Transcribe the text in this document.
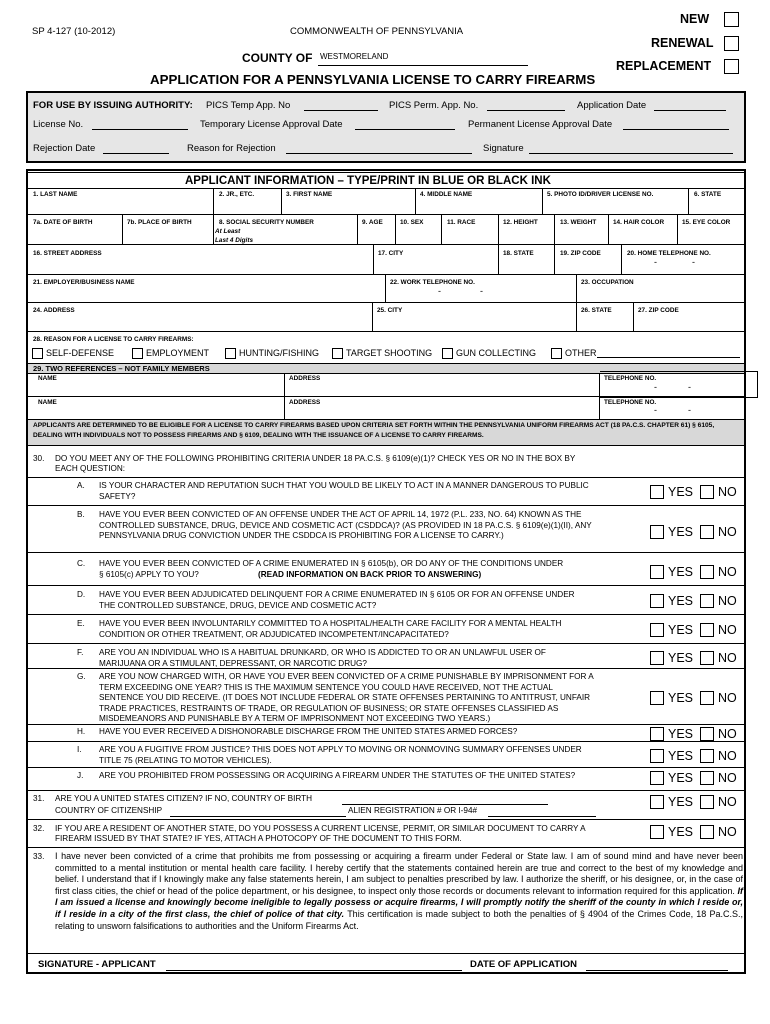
SP 4-127 (10-2012)	COMMONWEALTH OF PENNSYLVANIA
NEW
RENEWAL
REPLACEMENT
COUNTY OF WESTMORELAND
APPLICATION FOR A PENNSYLVANIA LICENSE TO CARRY FIREARMS
FOR USE BY ISSUING AUTHORITY: PICS Temp App. No	PICS Perm. App. No.	Application Date
License No.	Temporary License Approval Date	Permanent License Approval Date
Rejection Date	Reason for Rejection	Signature
APPLICANT INFORMATION – TYPE/PRINT IN BLUE OR BLACK INK
1. LAST NAME	2. JR., ETC.	3. FIRST NAME	4. MIDDLE NAME	5. PHOTO ID/DRIVER LICENSE NO.	6. STATE
7a. DATE OF BIRTH	7b. PLACE OF BIRTH	8. SOCIAL SECURITY NUMBER
At Least
Last 4 Digits
9. AGE	10. SEX	11. RACE	12. HEIGHT	13. WEIGHT	14. HAIR COLOR	15. EYE COLOR
16. STREET ADDRESS	17. CITY	18. STATE	19. ZIP CODE	20. HOME TELEPHONE NO.
-	-
21. EMPLOYER/BUSINESS NAME	22. WORK TELEPHONE NO.
-	-
23. OCCUPATION
24. ADDRESS	25. CITY	26. STATE	27. ZIP CODE
28. REASON FOR A LICENSE TO CARRY FIREARMS:
SELF-DEFENSE	EMPLOYMENT	HUNTING/FISHING	TARGET SHOOTING	GUN COLLECTING	OTHER
29. TWO REFERENCES – NOT FAMILY MEMBERS
NAME	ADDRESS	TELEPHONE NO.
-	-
NAME	ADDRESS	TELEPHONE NO.
-	-
APPLICANTS ARE DETERMINED TO BE ELIGIBLE FOR A LICENSE TO CARRY FIREARMS BASED UPON CRITERIA SET FORTH WITHIN THE PENNSYLVANIA UNIFORM FIREARMS ACT (18 PA.C.S. CHAPTER 61) § 6105, DEALING WITH INDIVIDUALS NOT TO POSSESS FIREARMS AND § 6109, DEALING WITH THE ISSUANCE OF A LICENSE TO CARRY FIREARMS.
30. DO YOU MEET ANY OF THE FOLLOWING PROHIBITING CRITERIA UNDER 18 PA.C.S. § 6109(e)(1)? CHECK YES OR NO IN THE BOX BY
EACH QUESTION:
A. IS YOUR CHARACTER AND REPUTATION SUCH THAT YOU WOULD BE LIKELY TO ACT IN A MANNER DANGEROUS TO PUBLIC
SAFETY?	YES NO
B. HAVE YOU EVER BEEN CONVICTED OF AN OFFENSE UNDER THE ACT OF APRIL 14, 1972 (P.L. 233, NO. 64) KNOWN AS THE
CONTROLLED SUBSTANCE, DRUG, DEVICE AND COSMETIC ACT (CSDDCA)? (AS PROVIDED IN 18 PA.C.S. § 6109(e)(1)(II), ANY
PENNSYLVANIA DRUG CONVICTION UNDER THE CSDDCA IS PROHIBITING FOR A LICENSE TO CARRY.)	YES NO
C. HAVE YOU EVER BEEN CONVICTED OF A CRIME ENUMERATED IN § 6105(b), OR DO ANY OF THE CONDITIONS UNDER
§ 6105(c) APPLY TO YOU?	(READ INFORMATION ON BACK PRIOR TO ANSWERING)	YES NO
D. HAVE YOU EVER BEEN ADJUDICATED DELINQUENT FOR A CRIME ENUMERATED IN § 6105 OR FOR AN OFFENSE UNDER
THE CONTROLLED SUBSTANCE, DRUG, DEVICE AND COSMETIC ACT?	YES NO
E. HAVE YOU EVER BEEN INVOLUNTARILY COMMITTED TO A HOSPITAL/HEALTH CARE FACILITY FOR A MENTAL HEALTH
CONDITION OR OTHER TREATMENT, OR ADJUDICATED INCOMPETENT/INCAPACITATED?	YES NO
F. ARE YOU AN INDIVIDUAL WHO IS A HABITUAL DRUNKARD, OR WHO IS ADDICTED TO OR AN UNLAWFUL USER OF
MARIJUANA OR A STIMULANT, DEPRESSANT, OR NARCOTIC DRUG?	YES NO
G. ARE YOU NOW CHARGED WITH, OR HAVE YOU EVER BEEN CONVICTED OF A CRIME PUNISHABLE BY IMPRISONMENT FOR A
TERM EXCEEDING ONE YEAR? THIS IS THE MAXIMUM SENTENCE YOU COULD HAVE RECEIVED, NOT THE ACTUAL
SENTENCE YOU DID RECEIVE. (IT DOES NOT INCLUDE FEDERAL OR STATE OFFENSES PERTAINING TO ANTITRUST, UNFAIR
TRADE PRACTICES, RESTRAINTS OF TRADE, OR REGULATION OF BUSINESS; OR STATE OFFENSES CLASSIFIED AS
MISDEMEANORS AND PUNISHABLE BY A TERM OF IMPRISONMENT NOT EXCEEDING TWO YEARS.)
YES NO
H. HAVE YOU EVER RECEIVED A DISHONORABLE DISCHARGE FROM THE UNITED STATES ARMED FORCES?	YES NO
I. ARE YOU A FUGITIVE FROM JUSTICE? THIS DOES NOT APPLY TO MOVING OR NONMOVING SUMMARY OFFENSES UNDER
TITLE 75 (RELATING TO MOTOR VEHICLES).	YES NO
J. ARE YOU PROHIBITED FROM POSSESSING OR ACQUIRING A FIREARM UNDER THE STATUTES OF THE UNITED STATES?	YES NO
31. ARE YOU A UNITED STATES CITIZEN? IF NO, COUNTRY OF BIRTH
COUNTRY OF CITIZENSHIP	ALIEN REGISTRATION # OR I-94#
YES NO
32. IF YOU ARE A RESIDENT OF ANOTHER STATE, DO YOU POSSESS A CURRENT LICENSE, PERMIT, OR SIMILAR DOCUMENT TO CARRY A
FIREARM ISSUED BY THAT STATE? IF YES, ATTACH A PHOTOCOPY OF THE DOCUMENT TO THIS FORM.	YES NO
33. I have never been convicted of a crime that prohibits me from possessing or acquiring a firearm under Federal or State law. I am of sound mind and have never been committed to a mental institution or mental health care facility. I hereby certify that the statements contained herein are true and correct to the best of my knowledge and belief. I understand that if I knowingly make any false statements herein, I am subject to penalties prescribed by law. I authorize the sheriff, or his designee, or, in the case of first class cities, the chief or head of the police department, or his designee, to inspect only those records or documents relevant to information required for this application. If I am issued a license and knowingly become ineligible to legally possess or acquire firearms, I will promptly notify the sheriff of the county in which I reside or, if I reside in a city of the first class, the chief of police of that city. This certification is made subject to both the penalties of § 4904 of the Crimes Code, 18 Pa.C.S., relating to unsworn falsifications to authorities and the Uniform Firearms Act.
SIGNATURE - APPLICANT	DATE OF APPLICATION
